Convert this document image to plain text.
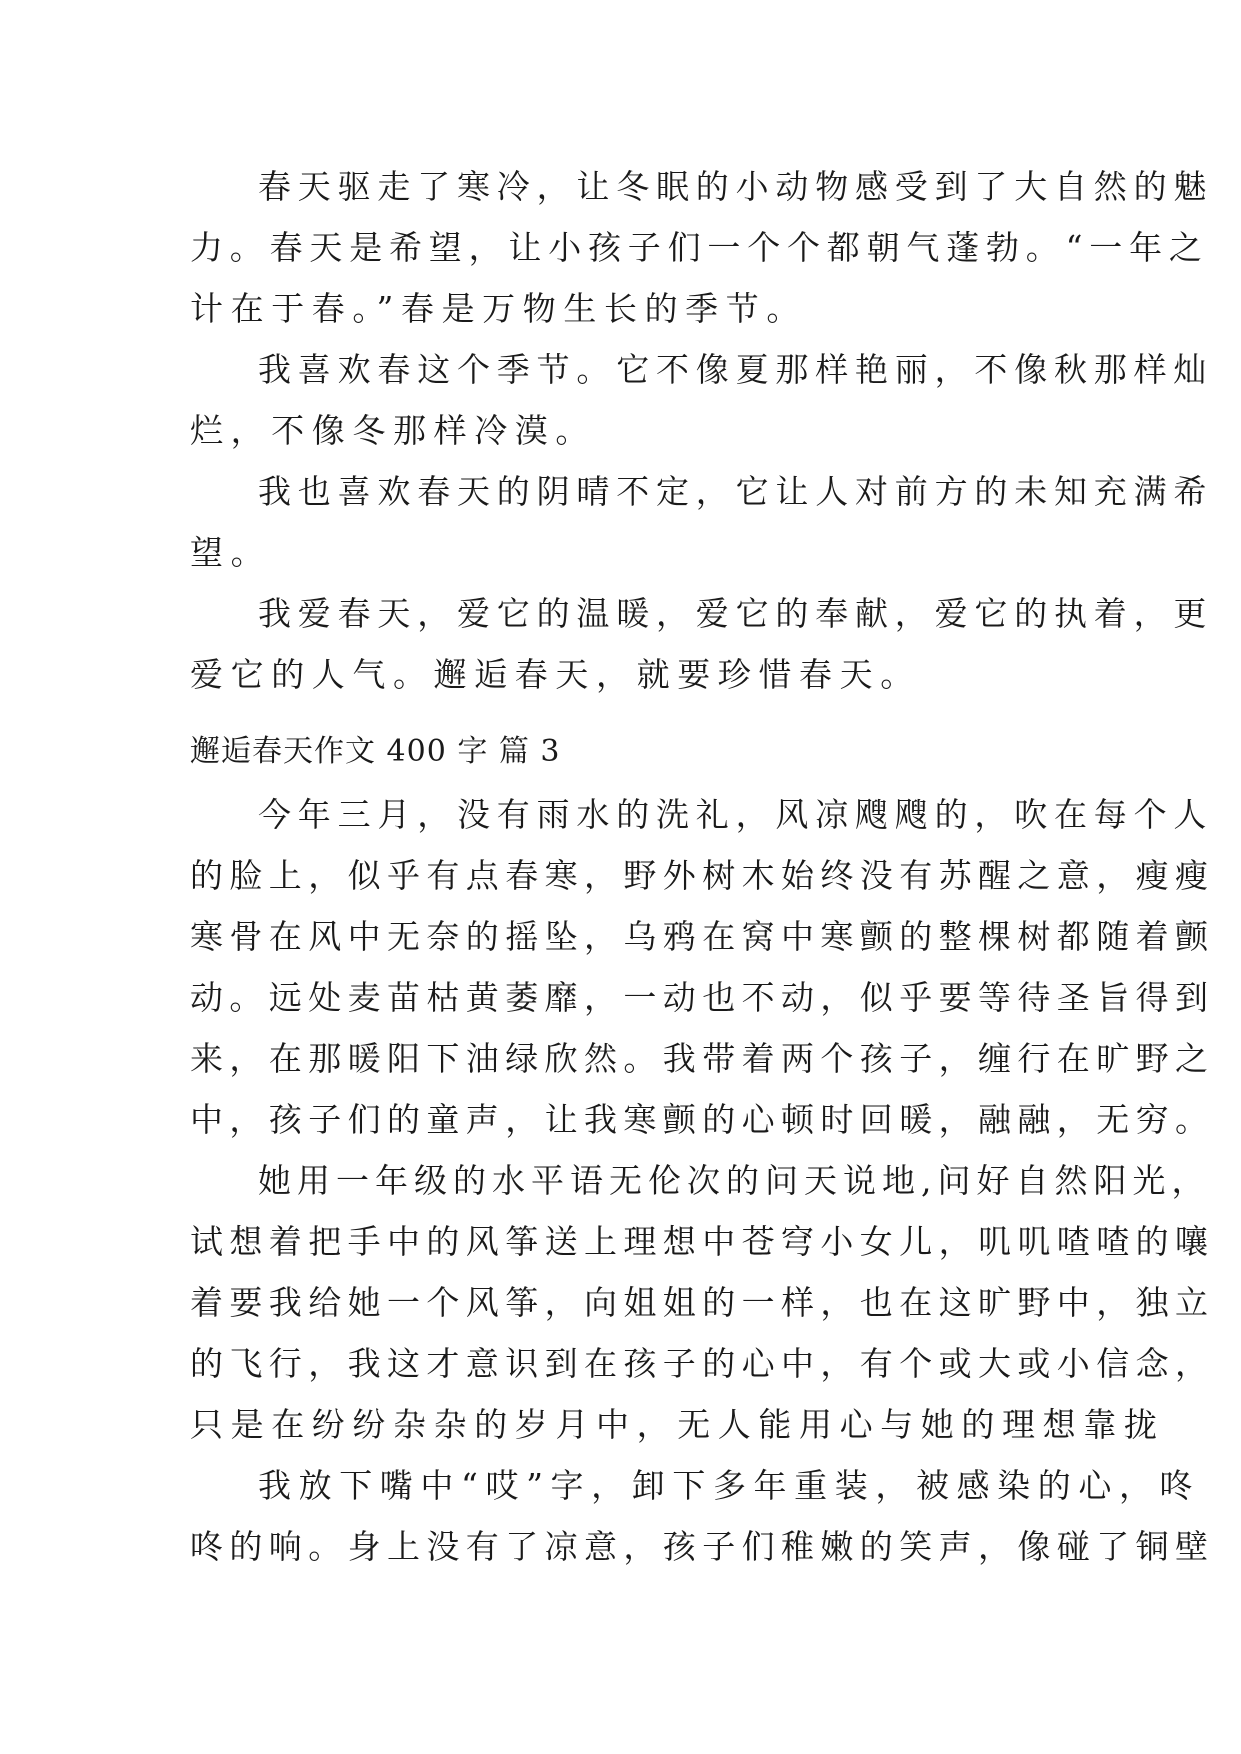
春天驱走了寒冷，让冬眠的小动物感受到了大自然的魅
力。春天是希望，让小孩子们一个个都朝气蓬勃。“一年之
计在于春。”春是万物生长的季节。
我喜欢春这个季节。它不像夏那样艳丽，不像秋那样灿
烂，不像冬那样冷漠。
我也喜欢春天的阴晴不定，它让人对前方的未知充满希
望。
我爱春天，爱它的温暖，爱它的奉献，爱它的执着，更
爱它的人气。邂逅春天，就要珍惜春天。
邂逅春天作文 400 字 篇 3
今年三月，没有雨水的洗礼，风凉飕飕的，吹在每个人
的脸上，似乎有点春寒，野外树木始终没有苏醒之意，瘦瘦
寒骨在风中无奈的摇坠，乌鸦在窝中寒颤的整棵树都随着颤
动。远处麦苗枯黄萎靡，一动也不动，似乎要等待圣旨得到
来，在那暖阳下油绿欣然。我带着两个孩子，缠行在旷野之
中，孩子们的童声，让我寒颤的心顿时回暖，融融，无穷。
她用一年级的水平语无伦次的问天说地,问好自然阳光，
试想着把手中的风筝送上理想中苍穹小女儿，叽叽喳喳的嚷
着要我给她一个风筝，向姐姐的一样，也在这旷野中，独立
的飞行，我这才意识到在孩子的心中，有个或大或小信念，
只是在纷纷杂杂的岁月中，无人能用心与她的理想靠拢
我放下嘴中“哎”字，卸下多年重装，被感染的心，咚
咚的响。身上没有了凉意，孩子们稚嫩的笑声，像碰了铜壁
